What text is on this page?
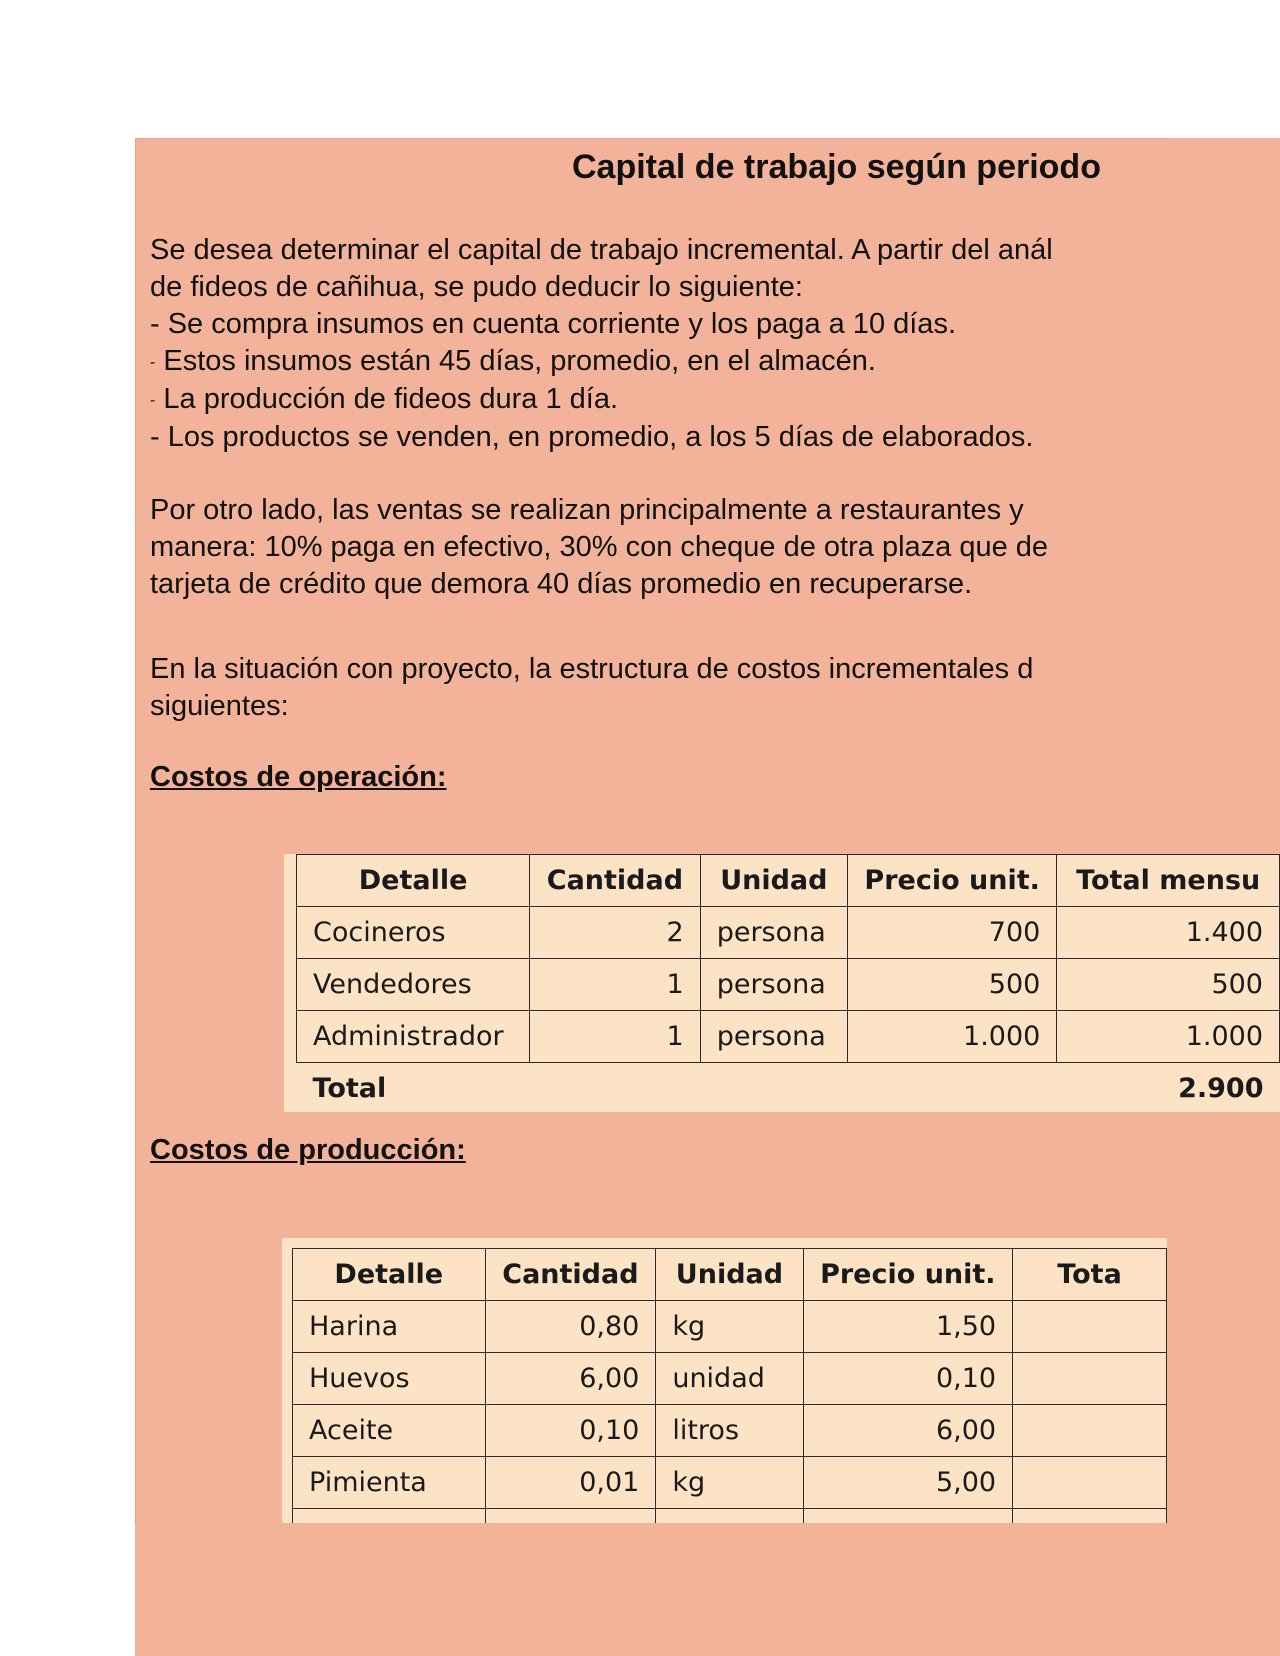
Capital de trabajo según periodo
Se desea determinar el capital de trabajo incremental. A partir del anál
de fideos de cañihua, se pudo deducir lo siguiente:
- Se compra insumos en cuenta corriente y los paga a 10 días.
- Estos insumos están 45 días, promedio, en el almacén.
- La producción de fideos dura 1 día.
- Los productos se venden, en promedio, a los 5 días de elaborados.
Por otro lado, las ventas se realizan principalmente a restaurantes y
manera: 10% paga en efectivo, 30% con cheque de otra plaza que de
tarjeta de crédito que demora 40 días promedio en recuperarse.
En la situación con proyecto, la estructura de costos incrementales d
siguientes:
Costos de operación:
Detalle	Cantidad	Unidad	Precio unit.	Total mensu
Cocineros	2	persona	700	1.400
Vendedores	1	persona	500	500
Administrador	1	persona	1.000	1.000
Total				2.900
Costos de producción:
Detalle	Cantidad	Unidad	Precio unit.	Tota
Harina	0,80	kg	1,50	
Huevos	6,00	unidad	0,10	
Aceite	0,10	litros	6,00	
Pimienta	0,01	kg	5,00	
